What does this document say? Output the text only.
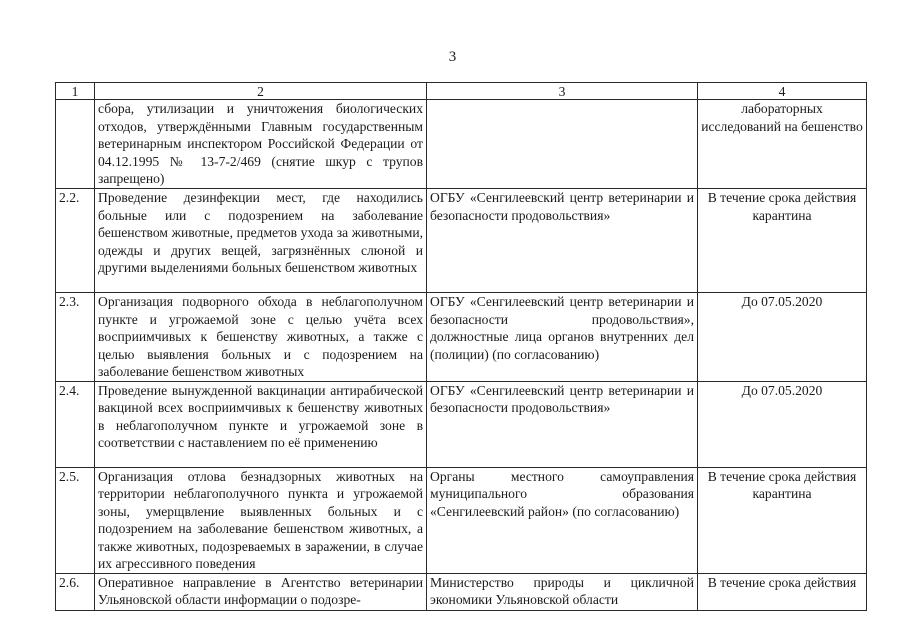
3
1	2	3	4
	сбора, утилизации и уничтожения биологических отходов, утверждёнными Главным государственным ветеринарным инспектором Российской Федерации от 04.12.1995 № 13-7-2/469 (снятие шкур с трупов запрещено)		лабораторных исследований на бешенство
2.2.	Проведение дезинфекции мест, где находились больные или с подозрением на заболевание бешенством животные, предметов ухода за животными, одежды и других вещей, загрязнённых слюной и другими выделениями больных бешенством животных	ОГБУ «Сенгилеевский центр ветеринарии и безопасности продовольствия»	В течение срока действия карантина
2.3.	Организация подворного обхода в неблагополучном пункте и угрожаемой зоне с целью учёта всех восприимчивых к бешенству животных, а также с целью выявления больных и с подозрением на заболевание бешенством животных	ОГБУ «Сенгилеевский центр ветеринарии и безопасности продовольствия», должностные лица органов внутренних дел (полиции) (по согласованию)	До 07.05.2020
2.4.	Проведение вынужденной вакцинации антирабической вакциной всех восприимчивых к бешенству животных в неблагополучном пункте и угрожаемой зоне в соответствии с наставлением по её применению	ОГБУ «Сенгилеевский центр ветеринарии и безопасности продовольствия»	До 07.05.2020
2.5.	Организация отлова безнадзорных животных на территории неблагополучного пункта и угрожаемой зоны, умерщвление выявленных больных и с подозрением на заболевание бешенством животных, а также животных, подозреваемых в заражении, в случае их агрессивного поведения	Органы местного самоуправления муниципального образования «Сенгилеевский район» (по согласованию)	В течение срока действия карантина
2.6.	Оперативное направление в Агентство ветеринарии Ульяновской области информации о подозре-	Министерство природы и цикличной экономики Ульяновской области	В течение срока действия
